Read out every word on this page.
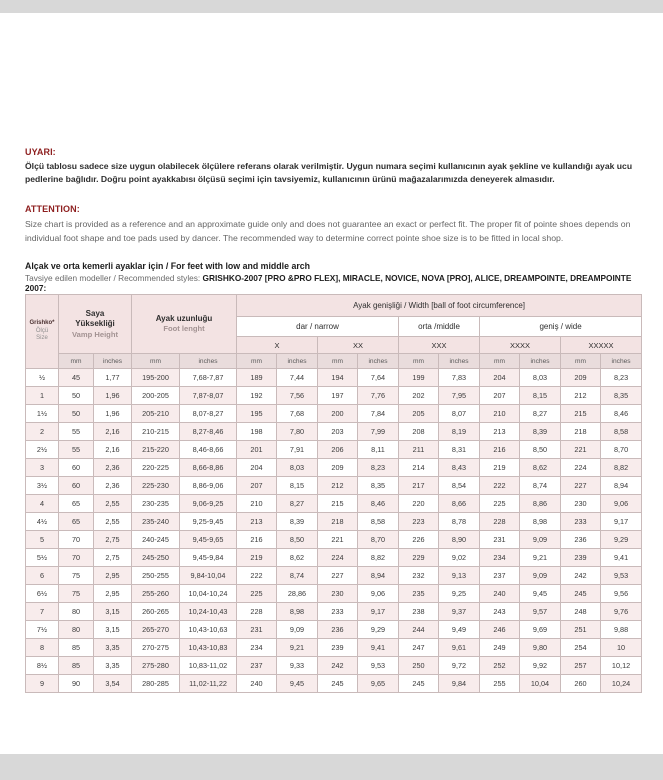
UYARI:

Ölçü tablosu sadece size uygun olabilecek ölçülere referans olarak verilmiştir. Uygun numara seçimi kullanıcının ayak şekline ve kullandığı ayak ucu pedlerine bağlıdır. Doğru point ayakkabısı ölçüsü seçimi için tavsiyemiz, kullanıcının ürünü mağazalarımızda deneyerek almasıdır.

ATTENTION:

Size chart is provided as a reference and an approximate guide only and does not guarantee an exact or perfect fit. The proper fit of pointe shoes depends on individual foot shape and toe pads used by dancer. The recommended way to determine correct pointe shoe size is to be fitted in local shop.

Alçak ve orta kemerli ayaklar için / For feet with low and middle arch

Tavsiye edilen modeller / Recommended styles: GRISHKO-2007 [PRO &PRO FLEX], MIRACLE, NOVICE, NOVA [PRO], ALICE, DREAMPOINTE, DREAMPOINTE 2007:

Grishko*
Ölçü
Size

Saya Yüksekliği
Vamp Height

Ayak uzunluğu
Foot lenght
	Ayak genişliği / Width [ball of foot circumference]
					dar / narrow				orta /middle		geniş / wide			
					X		XX		XXX		XXXX		XXXXX	
	mm	inches	mm	inches	mm	inches	mm	inches	mm	inches	mm	inches	mm	inches
½	45	1,77	195-200	7,68-7,87	189	7,44	194	7,64	199	7,83	204	8,03	209	8,23
1	50	1,96	200-205	7,87-8,07	192	7,56	197	7,76	202	7,95	207	8,15	212	8,35
1½	50	1,96	205-210	8,07-8,27	195	7,68	200	7,84	205	8,07	210	8,27	215	8,46
2	55	2,16	210-215	8,27-8,46	198	7,80	203	7,99	208	8,19	213	8,39	218	8,58
2½	55	2,16	215-220	8,46-8,66	201	7,91	206	8,11	211	8,31	216	8,50	221	8,70
3	60	2,36	220-225	8,66-8,86	204	8,03	209	8,23	214	8,43	219	8,62	224	8,82
3½	60	2,36	225-230	8,86-9,06	207	8,15	212	8,35	217	8,54	222	8,74	227	8,94
4	65	2,55	230-235	9,06-9,25	210	8,27	215	8,46	220	8,66	225	8,86	230	9,06
4½	65	2,55	235-240	9,25-9,45	213	8,39	218	8,58	223	8,78	228	8,98	233	9,17
5	70	2,75	240-245	9,45-9,65	216	8,50	221	8,70	226	8,90	231	9,09	236	9,29
5½	70	2,75	245-250	9,45-9,84	219	8,62	224	8,82	229	9,02	234	9,21	239	9,41
6	75	2,95	250-255	9,84-10,04	222	8,74	227	8,94	232	9,13	237	9,09	242	9,53
6½	75	2,95	255-260	10,04-10,24	225	28,86	230	9,06	235	9,25	240	9,45	245	9,56
7	80	3,15	260-265	10,24-10,43	228	8,98	233	9,17	238	9,37	243	9,57	248	9,76
7½	80	3,15	265-270	10,43-10,63	231	9,09	236	9,29	244	9,49	246	9,69	251	9,88
8	85	3,35	270-275	10,43-10,83	234	9,21	239	9,41	247	9,61	249	9,80	254	10
8½	85	3,35	275-280	10,83-11,02	237	9,33	242	9,53	250	9,72	252	9,92	257	10,12
9	90	3,54	280-285	11,02-11,22	240	9,45	245	9,65	245	9,84	255	10,04	260	10,24
